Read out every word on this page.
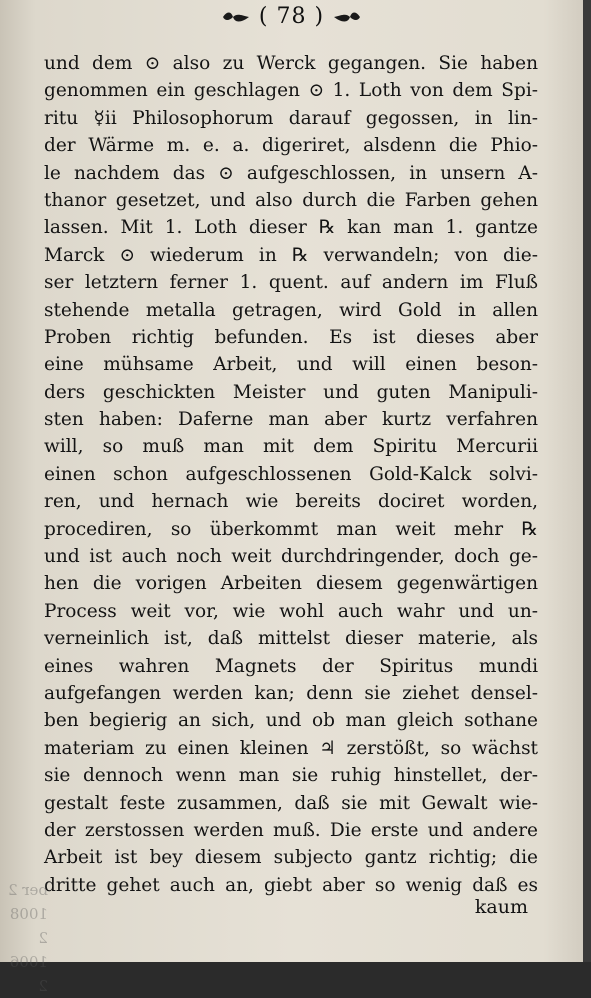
( 78 )
und dem ⊙ also zu Werck gegangen. Sie haben
genommen ein geschlagen ⊙ 1. Loth von dem Spi-
ritu ☿ii Philosophorum darauf gegossen, in lin-
der Wärme m. e. a. digeriret, alsdenn die Phio-
le nachdem das ⊙ aufgeschlossen, in unsern A-
thanor gesetzet, und also durch die Farben gehen
lassen. Mit 1. Loth dieser ℞ kan man 1. gantze
Marck ⊙ wiederum in ℞ verwandeln; von die-
ser letztern ferner 1. quent. auf andern im Fluß
stehende metalla getragen, wird Gold in allen
Proben richtig befunden. Es ist dieses aber
eine mühsame Arbeit, und will einen beson-
ders geschickten Meister und guten Manipuli-
sten haben: Daferne man aber kurtz verfahren
will, so muß man mit dem Spiritu Mercurii
einen schon aufgeschlossenen Gold-Kalck solvi-
ren, und hernach wie bereits dociret worden,
procediren, so überkommt man weit mehr ℞
und ist auch noch weit durchdringender, doch ge-
hen die vorigen Arbeiten diesem gegenwärtigen
Process weit vor, wie wohl auch wahr und un-
verneinlich ist, daß mittelst dieser materie, als
eines wahren Magnets der Spiritus mundi
aufgefangen werden kan; denn sie ziehet densel-
ben begierig an sich, und ob man gleich sothane
materiam zu einen kleinen ♃ zerstößt, so wächst
sie dennoch wenn man sie ruhig hinstellet, der-
gestalt feste zusammen, daß sie mit Gewalt wie-
der zerstossen werden muß. Die erste und andere
Arbeit ist bey diesem subjecto gantz richtig; die
dritte gehet auch an, giebt aber so wenig daß es
kaum
ber 2
1008 2
1006 2
